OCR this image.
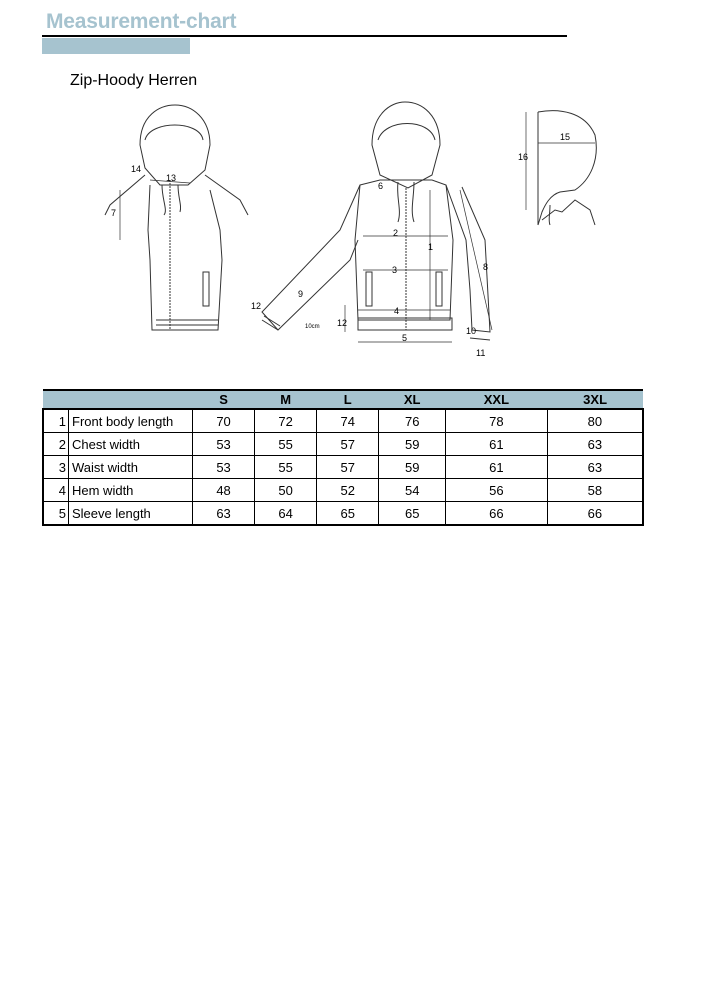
Measurement-chart
Zip-Hoody Herren
14
13
7
6
2
1
3
4
5
12
9
12
10cm
8
10
11
15
16
		S	M	L	XL	XXL	3XL
1	Front body length	70	72	74	76	78	80
2	Chest width	53	55	57	59	61	63
3	Waist width	53	55	57	59	61	63
4	Hem width	48	50	52	54	56	58
5	Sleeve length	63	64	65	65	66	66
